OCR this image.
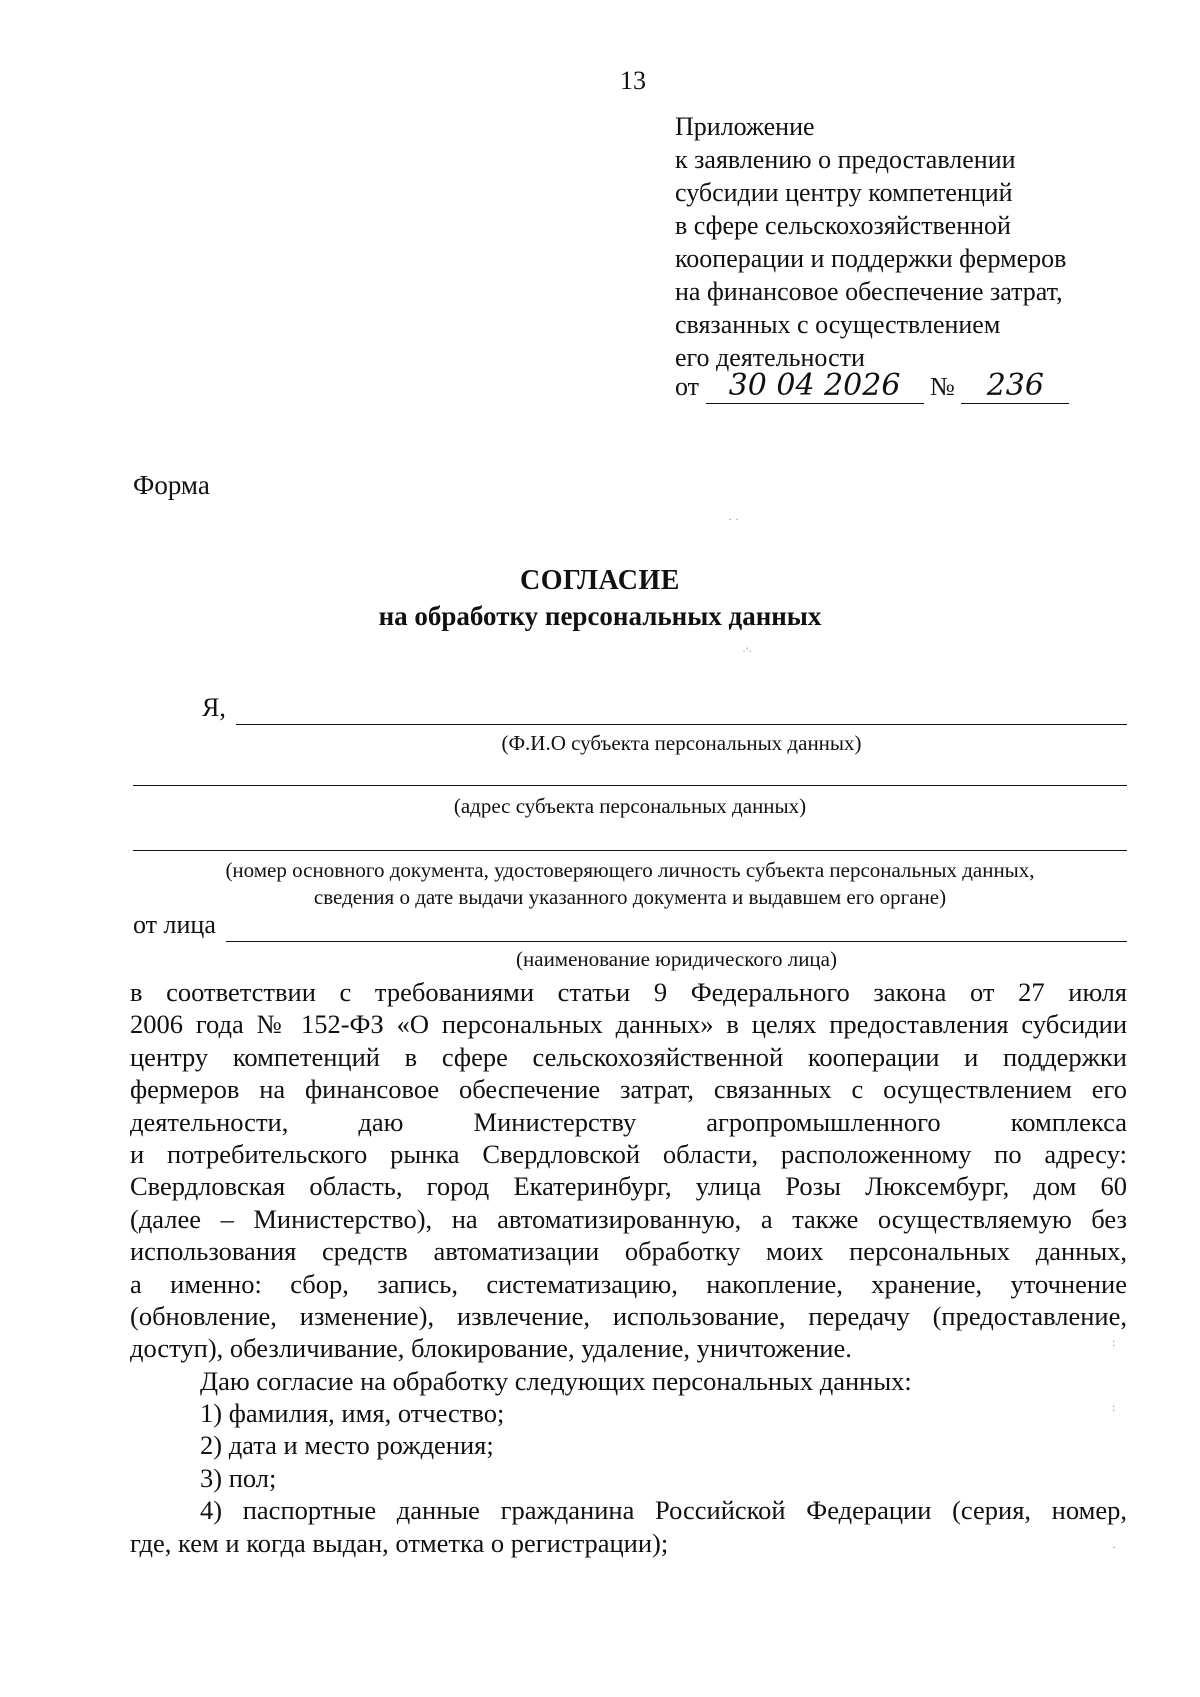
13
Приложение
к заявлению о предоставлении
субсидии центру компетенций
в сфере сельскохозяйственной
кооперации и поддержки фермеров
на финансовое обеспечение затрат,
связанных с осуществлением
его деятельности
от 30 04 2026 № 236
Форма
СОГЛАСИЕ
на обработку персональных данных
Я,
(Ф.И.О субъекта персональных данных)
(адрес субъекта персональных данных)
(номер основного документа, удостоверяющего личность субъекта персональных данных,
сведения о дате выдачи указанного документа и выдавшем его органе)
от лица
(наименование юридического лица)
в соответствии с требованиями статьи 9 Федерального закона от 27 июля
2006 года № 152-ФЗ «О персональных данных» в целях предоставления субсидии
центру компетенций в сфере сельскохозяйственной кооперации и поддержки
фермеров на финансовое обеспечение затрат, связанных с осуществлением его
деятельности, даю Министерству агропромышленного комплекса
и потребительского рынка Свердловской области, расположенному по адресу:
Свердловская область, город Екатеринбург, улица Розы Люксембург, дом 60
(далее – Министерство), на автоматизированную, а также осуществляемую без
использования средств автоматизации обработку моих персональных данных,
а именно: сбор, запись, систематизацию, накопление, хранение, уточнение
(обновление, изменение), извлечение, использование, передачу (предоставление,
доступ), обезличивание, блокирование, удаление, уничтожение.
Даю согласие на обработку следующих персональных данных:
1) фамилия, имя, отчество;
2) дата и место рождения;
3) пол;
4) паспортные данные гражданина Российской Федерации (серия, номер,
где, кем и когда выдан, отметка о регистрации);
· ·
·'·
:
:
·
